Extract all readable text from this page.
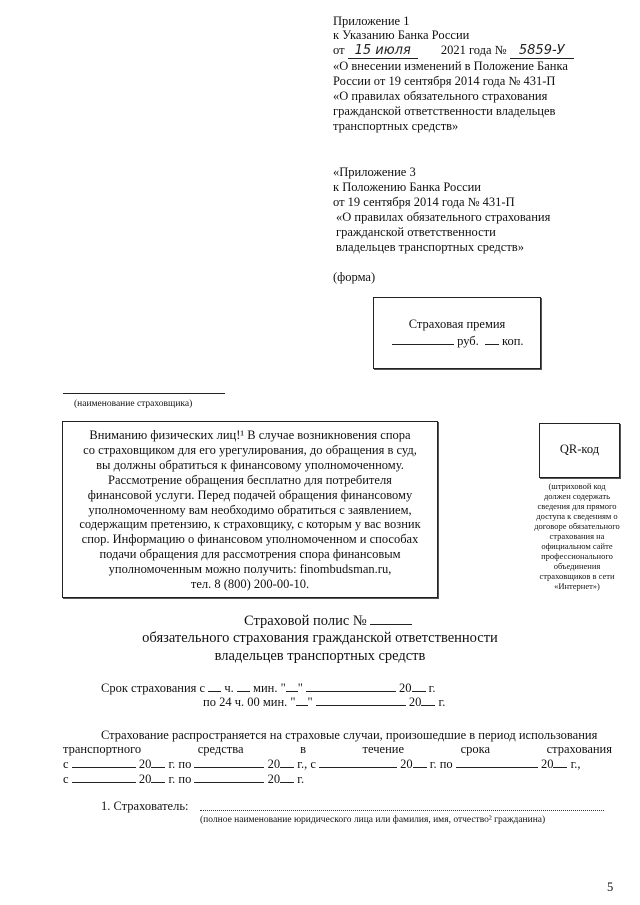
Приложение 1
к Указанию Банка России
от 15 июля 2021 года № 5859-У
«О внесении изменений в Положение Банка
России от 19 сентября 2014 года № 431-П
«О правилах обязательного страхования
гражданской ответственности владельцев
транспортных средств»
«Приложение 3
к Положению Банка России
от 19 сентября 2014 года № 431-П
«О правилах обязательного страхования
гражданской ответственности
владельцев транспортных средств»
(форма)
Страховая премия
руб. коп.
(наименование страховщика)
Вниманию физических лиц!¹ В случае возникновения спора
со страховщиком для его урегулирования, до обращения в суд,
вы должны обратиться к финансовому уполномоченному.
Рассмотрение обращения бесплатно для потребителя
финансовой услуги. Перед подачей обращения финансовому
уполномоченному вам необходимо обратиться с заявлением,
содержащим претензию, к страховщику, с которым у вас возник
спор. Информацию о финансовом уполномоченном и способах
подачи обращения для рассмотрения спора финансовым
уполномоченным можно получить: finombudsman.ru,
тел. 8 (800) 200-00-10.
QR-код
(штриховой код
должен содержать
сведения для прямого
доступа к сведениям о
договоре обязательного
страхования на
официальном сайте
профессионального
объединения
страховщиков в сети
«Интернет»)
Страховой полис №
обязательного страхования гражданской ответственности
владельцев транспортных средств
Срок страхования с ч. мин. " "	20 г.
по 24 ч. 00 мин. " "	20 г.
Страхование распространяется на страховые случаи, произошедшие в период использования
транспортного	средства	в	течение	срока	страхования
с	20 г. по	20 г., с	20 г. по	20 г.,
с	20 г. по	20 г.
1. Страхователь:
(полное наименование юридического лица или фамилия, имя, отчество² гражданина)
5
